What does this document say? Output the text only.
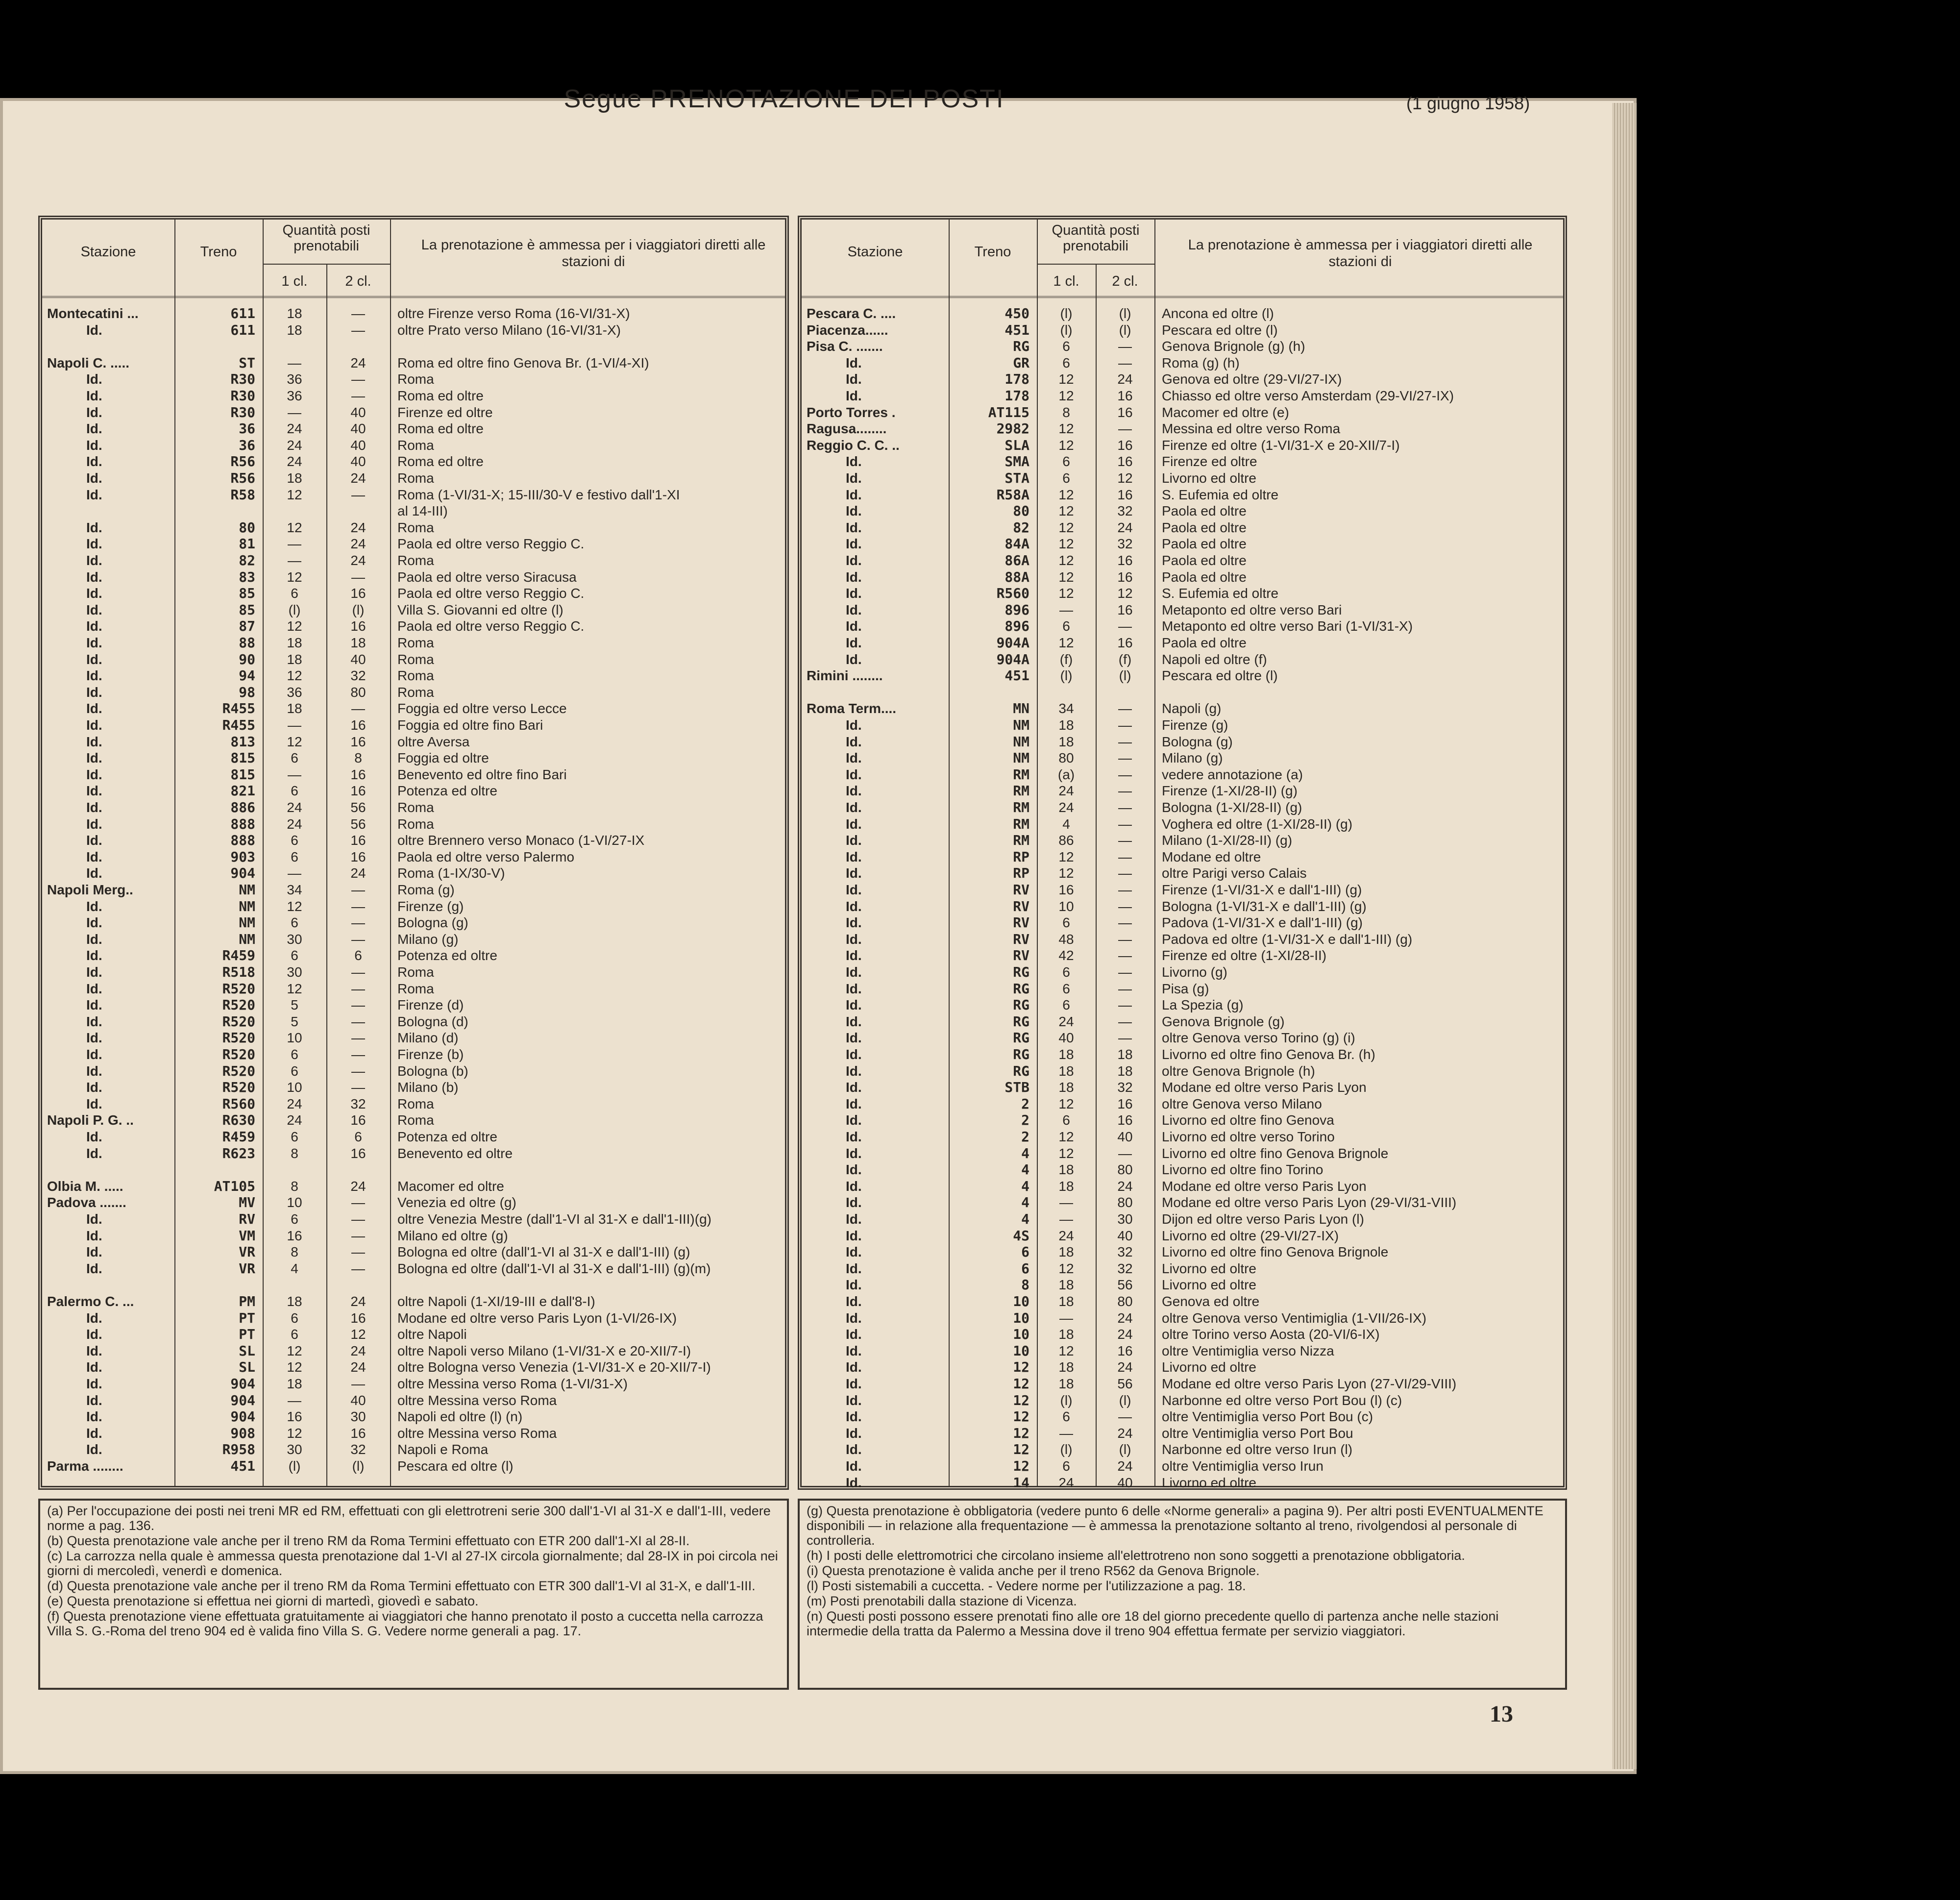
Segue PRENOTAZIONE DEI POSTI	(1 giugno 1958)
Stazione	Treno
Quantità posti prenotabili
1 cl.	2 cl.
La prenotazione è ammessa per i viaggiatori diretti alle stazioni di
Montecatini ...	611	18	—	oltre Firenze verso Roma (16-VI/31-X)
Id.	611	18	—	oltre Prato verso Milano (16-VI/31-X)
Napoli C. .....	ST	—	24	Roma ed oltre fino Genova Br. (1-VI/4-XI)
Id.	R30	36	—	Roma
Id.	R30	36	—	Roma ed oltre
Id.	R30	—	40	Firenze ed oltre
Id.	36	24	40	Roma ed oltre
Id.	36	24	40	Roma
Id.	R56	24	40	Roma ed oltre
Id.	R56	18	24	Roma
Id.	R58	12	—	Roma (1-VI/31-X; 15-III/30-V e festivo dall'1-XI
al 14-III)
Id.	80	12	24	Roma
Id.	81	—	24	Paola ed oltre verso Reggio C.
Id.	82	—	24	Roma
Id.	83	12	—	Paola ed oltre verso Siracusa
Id.	85	6	16	Paola ed oltre verso Reggio C.
Id.	85	(l)	(l)	Villa S. Giovanni ed oltre (l)
Id.	87	12	16	Paola ed oltre verso Reggio C.
Id.	88	18	18	Roma
Id.	90	18	40	Roma
Id.	94	12	32	Roma
Id.	98	36	80	Roma
Id.	R455	18	—	Foggia ed oltre verso Lecce
Id.	R455	—	16	Foggia ed oltre fino Bari
Id.	813	12	16	oltre Aversa
Id.	815	6	8	Foggia ed oltre
Id.	815	—	16	Benevento ed oltre fino Bari
Id.	821	6	16	Potenza ed oltre
Id.	886	24	56	Roma
Id.	888	24	56	Roma
Id.	888	6	16	oltre Brennero verso Monaco (1-VI/27-IX
Id.	903	6	16	Paola ed oltre verso Palermo
Id.	904	—	24	Roma (1-IX/30-V)
Napoli Merg..	NM	34	—	Roma (g)
Id.	NM	12	—	Firenze (g)
Id.	NM	6	—	Bologna (g)
Id.	NM	30	—	Milano (g)
Id.	R459	6	6	Potenza ed oltre
Id.	R518	30	—	Roma
Id.	R520	12	—	Roma
Id.	R520	5	—	Firenze (d)
Id.	R520	5	—	Bologna (d)
Id.	R520	10	—	Milano (d)
Id.	R520	6	—	Firenze (b)
Id.	R520	6	—	Bologna (b)
Id.	R520	10	—	Milano (b)
Id.	R560	24	32	Roma
Napoli P. G. ..	R630	24	16	Roma
Id.	R459	6	6	Potenza ed oltre
Id.	R623	8	16	Benevento ed oltre
Olbia M. .....	AT105	8	24	Macomer ed oltre
Padova .......	MV	10	—	Venezia ed oltre (g)
Id.	RV	6	—	oltre Venezia Mestre (dall'1-VI al 31-X e dall'1-III)(g)
Id.	VM	16	—	Milano ed oltre (g)
Id.	VR	8	—	Bologna ed oltre (dall'1-VI al 31-X e dall'1-III) (g)
Id.	VR	4	—	Bologna ed oltre (dall'1-VI al 31-X e dall'1-III) (g)(m)
Palermo C. ...	PM	18	24	oltre Napoli (1-XI/19-III e dall'8-I)
Id.	PT	6	16	Modane ed oltre verso Paris Lyon (1-VI/26-IX)
Id.	PT	6	12	oltre Napoli
Id.	SL	12	24	oltre Napoli verso Milano (1-VI/31-X e 20-XII/7-I)
Id.	SL	12	24	oltre Bologna verso Venezia (1-VI/31-X e 20-XII/7-I)
Id.	904	18	—	oltre Messina verso Roma (1-VI/31-X)
Id.	904	—	40	oltre Messina verso Roma
Id.	904	16	30	Napoli ed oltre (l) (n)
Id.	908	12	16	oltre Messina verso Roma
Id.	R958	30	32	Napoli e Roma
Parma ........	451	(l)	(l)	Pescara ed oltre (l)
Stazione	Treno
Quantità posti prenotabili
1 cl.	2 cl.
La prenotazione è ammessa per i viaggiatori diretti alle stazioni di
Pescara C. ....	450	(l)	(l)	Ancona ed oltre (l)
Piacenza......	451	(l)	(l)	Pescara ed oltre (l)
Pisa C. .......	RG	6	—	Genova Brignole (g) (h)
Id.	GR	6	—	Roma (g) (h)
Id.	178	12	24	Genova ed oltre (29-VI/27-IX)
Id.	178	12	16	Chiasso ed oltre verso Amsterdam (29-VI/27-IX)
Porto Torres .	AT115	8	16	Macomer ed oltre (e)
Ragusa........	2982	12	—	Messina ed oltre verso Roma
Reggio C. C. ..	SLA	12	16	Firenze ed oltre (1-VI/31-X e 20-XII/7-I)
Id.	SMA	6	16	Firenze ed oltre
Id.	STA	6	12	Livorno ed oltre
Id.	R58A	12	16	S. Eufemia ed oltre
Id.	80	12	32	Paola ed oltre
Id.	82	12	24	Paola ed oltre
Id.	84A	12	32	Paola ed oltre
Id.	86A	12	16	Paola ed oltre
Id.	88A	12	16	Paola ed oltre
Id.	R560	12	12	S. Eufemia ed oltre
Id.	896	—	16	Metaponto ed oltre verso Bari
Id.	896	6	—	Metaponto ed oltre verso Bari (1-VI/31-X)
Id.	904A	12	16	Paola ed oltre
Id.	904A	(f)	(f)	Napoli ed oltre (f)
Rimini ........	451	(l)	(l)	Pescara ed oltre (l)
Roma Term....	MN	34	—	Napoli (g)
Id.	NM	18	—	Firenze (g)
Id.	NM	18	—	Bologna (g)
Id.	NM	80	—	Milano (g)
Id.	RM	(a)	—	vedere annotazione (a)
Id.	RM	24	—	Firenze (1-XI/28-II) (g)
Id.	RM	24	—	Bologna (1-XI/28-II) (g)
Id.	RM	4	—	Voghera ed oltre (1-XI/28-II) (g)
Id.	RM	86	—	Milano (1-XI/28-II) (g)
Id.	RP	12	—	Modane ed oltre
Id.	RP	12	—	oltre Parigi verso Calais
Id.	RV	16	—	Firenze (1-VI/31-X e dall'1-III) (g)
Id.	RV	10	—	Bologna (1-VI/31-X e dall'1-III) (g)
Id.	RV	6	—	Padova (1-VI/31-X e dall'1-III) (g)
Id.	RV	48	—	Padova ed oltre (1-VI/31-X e dall'1-III) (g)
Id.	RV	42	—	Firenze ed oltre (1-XI/28-II)
Id.	RG	6	—	Livorno (g)
Id.	RG	6	—	Pisa (g)
Id.	RG	6	—	La Spezia (g)
Id.	RG	24	—	Genova Brignole (g)
Id.	RG	40	—	oltre Genova verso Torino (g) (i)
Id.	RG	18	18	Livorno ed oltre fino Genova Br. (h)
Id.	RG	18	18	oltre Genova Brignole (h)
Id.	STB	18	32	Modane ed oltre verso Paris Lyon
Id.	2	12	16	oltre Genova verso Milano
Id.	2	6	16	Livorno ed oltre fino Genova
Id.	2	12	40	Livorno ed oltre verso Torino
Id.	4	12	—	Livorno ed oltre fino Genova Brignole
Id.	4	18	80	Livorno ed oltre fino Torino
Id.	4	18	24	Modane ed oltre verso Paris Lyon
Id.	4	—	80	Modane ed oltre verso Paris Lyon (29-VI/31-VIII)
Id.	4	—	30	Dijon ed oltre verso Paris Lyon (l)
Id.	4S	24	40	Livorno ed oltre (29-VI/27-IX)
Id.	6	18	32	Livorno ed oltre fino Genova Brignole
Id.	6	12	32	Livorno ed oltre
Id.	8	18	56	Livorno ed oltre
Id.	10	18	80	Genova ed oltre
Id.	10	—	24	oltre Genova verso Ventimiglia (1-VII/26-IX)
Id.	10	18	24	oltre Torino verso Aosta (20-VI/6-IX)
Id.	10	12	16	oltre Ventimiglia verso Nizza
Id.	12	18	24	Livorno ed oltre
Id.	12	18	56	Modane ed oltre verso Paris Lyon (27-VI/29-VIII)
Id.	12	(l)	(l)	Narbonne ed oltre verso Port Bou (l) (c)
Id.	12	6	—	oltre Ventimiglia verso Port Bou (c)
Id.	12	—	24	oltre Ventimiglia verso Port Bou
Id.	12	(l)	(l)	Narbonne ed oltre verso Irun (l)
Id.	12	6	24	oltre Ventimiglia verso Irun
Id.	14	24	40	Livorno ed oltre
(a) Per l'occupazione dei posti nei treni MR ed RM, effettuati con gli elettrotreni serie 300 dall'1-VI al 31-X e dall'1-III, vedere norme a pag. 136.
(b) Questa prenotazione vale anche per il treno RM da Roma Termini effettuato con ETR 200 dall'1-XI al 28-II.
(c) La carrozza nella quale è ammessa questa prenotazione dal 1-VI al 27-IX circola giornalmente; dal 28-IX in poi circola nei giorni di mercoledì, venerdì e domenica.
(d) Questa prenotazione vale anche per il treno RM da Roma Termini effettuato con ETR 300 dall'1-VI al 31-X, e dall'1-III.
(e) Questa prenotazione si effettua nei giorni di martedì, giovedì e sabato.
(f) Questa prenotazione viene effettuata gratuitamente ai viaggiatori che hanno prenotato il posto a cuccetta nella carrozza Villa S. G.-Roma del treno 904 ed è valida fino Villa S. G. Vedere norme generali a pag. 17.
(g) Questa prenotazione è obbligatoria (vedere punto 6 delle «Norme generali» a pagina 9). Per altri posti EVENTUALMENTE disponibili — in relazione alla frequentazione — è ammessa la prenotazione soltanto al treno, rivolgendosi al personale di controlleria.
(h) I posti delle elettromotrici che circolano insieme all'elettrotreno non sono soggetti a prenotazione obbligatoria.
(i) Questa prenotazione è valida anche per il treno R562 da Genova Brignole.
(l) Posti sistemabili a cuccetta. - Vedere norme per l'utilizzazione a pag. 18.
(m) Posti prenotabili dalla stazione di Vicenza.
(n) Questi posti possono essere prenotati fino alle ore 18 del giorno precedente quello di partenza anche nelle stazioni intermedie della tratta da Palermo a Messina dove il treno 904 effettua fermate per servizio viaggiatori.
13
